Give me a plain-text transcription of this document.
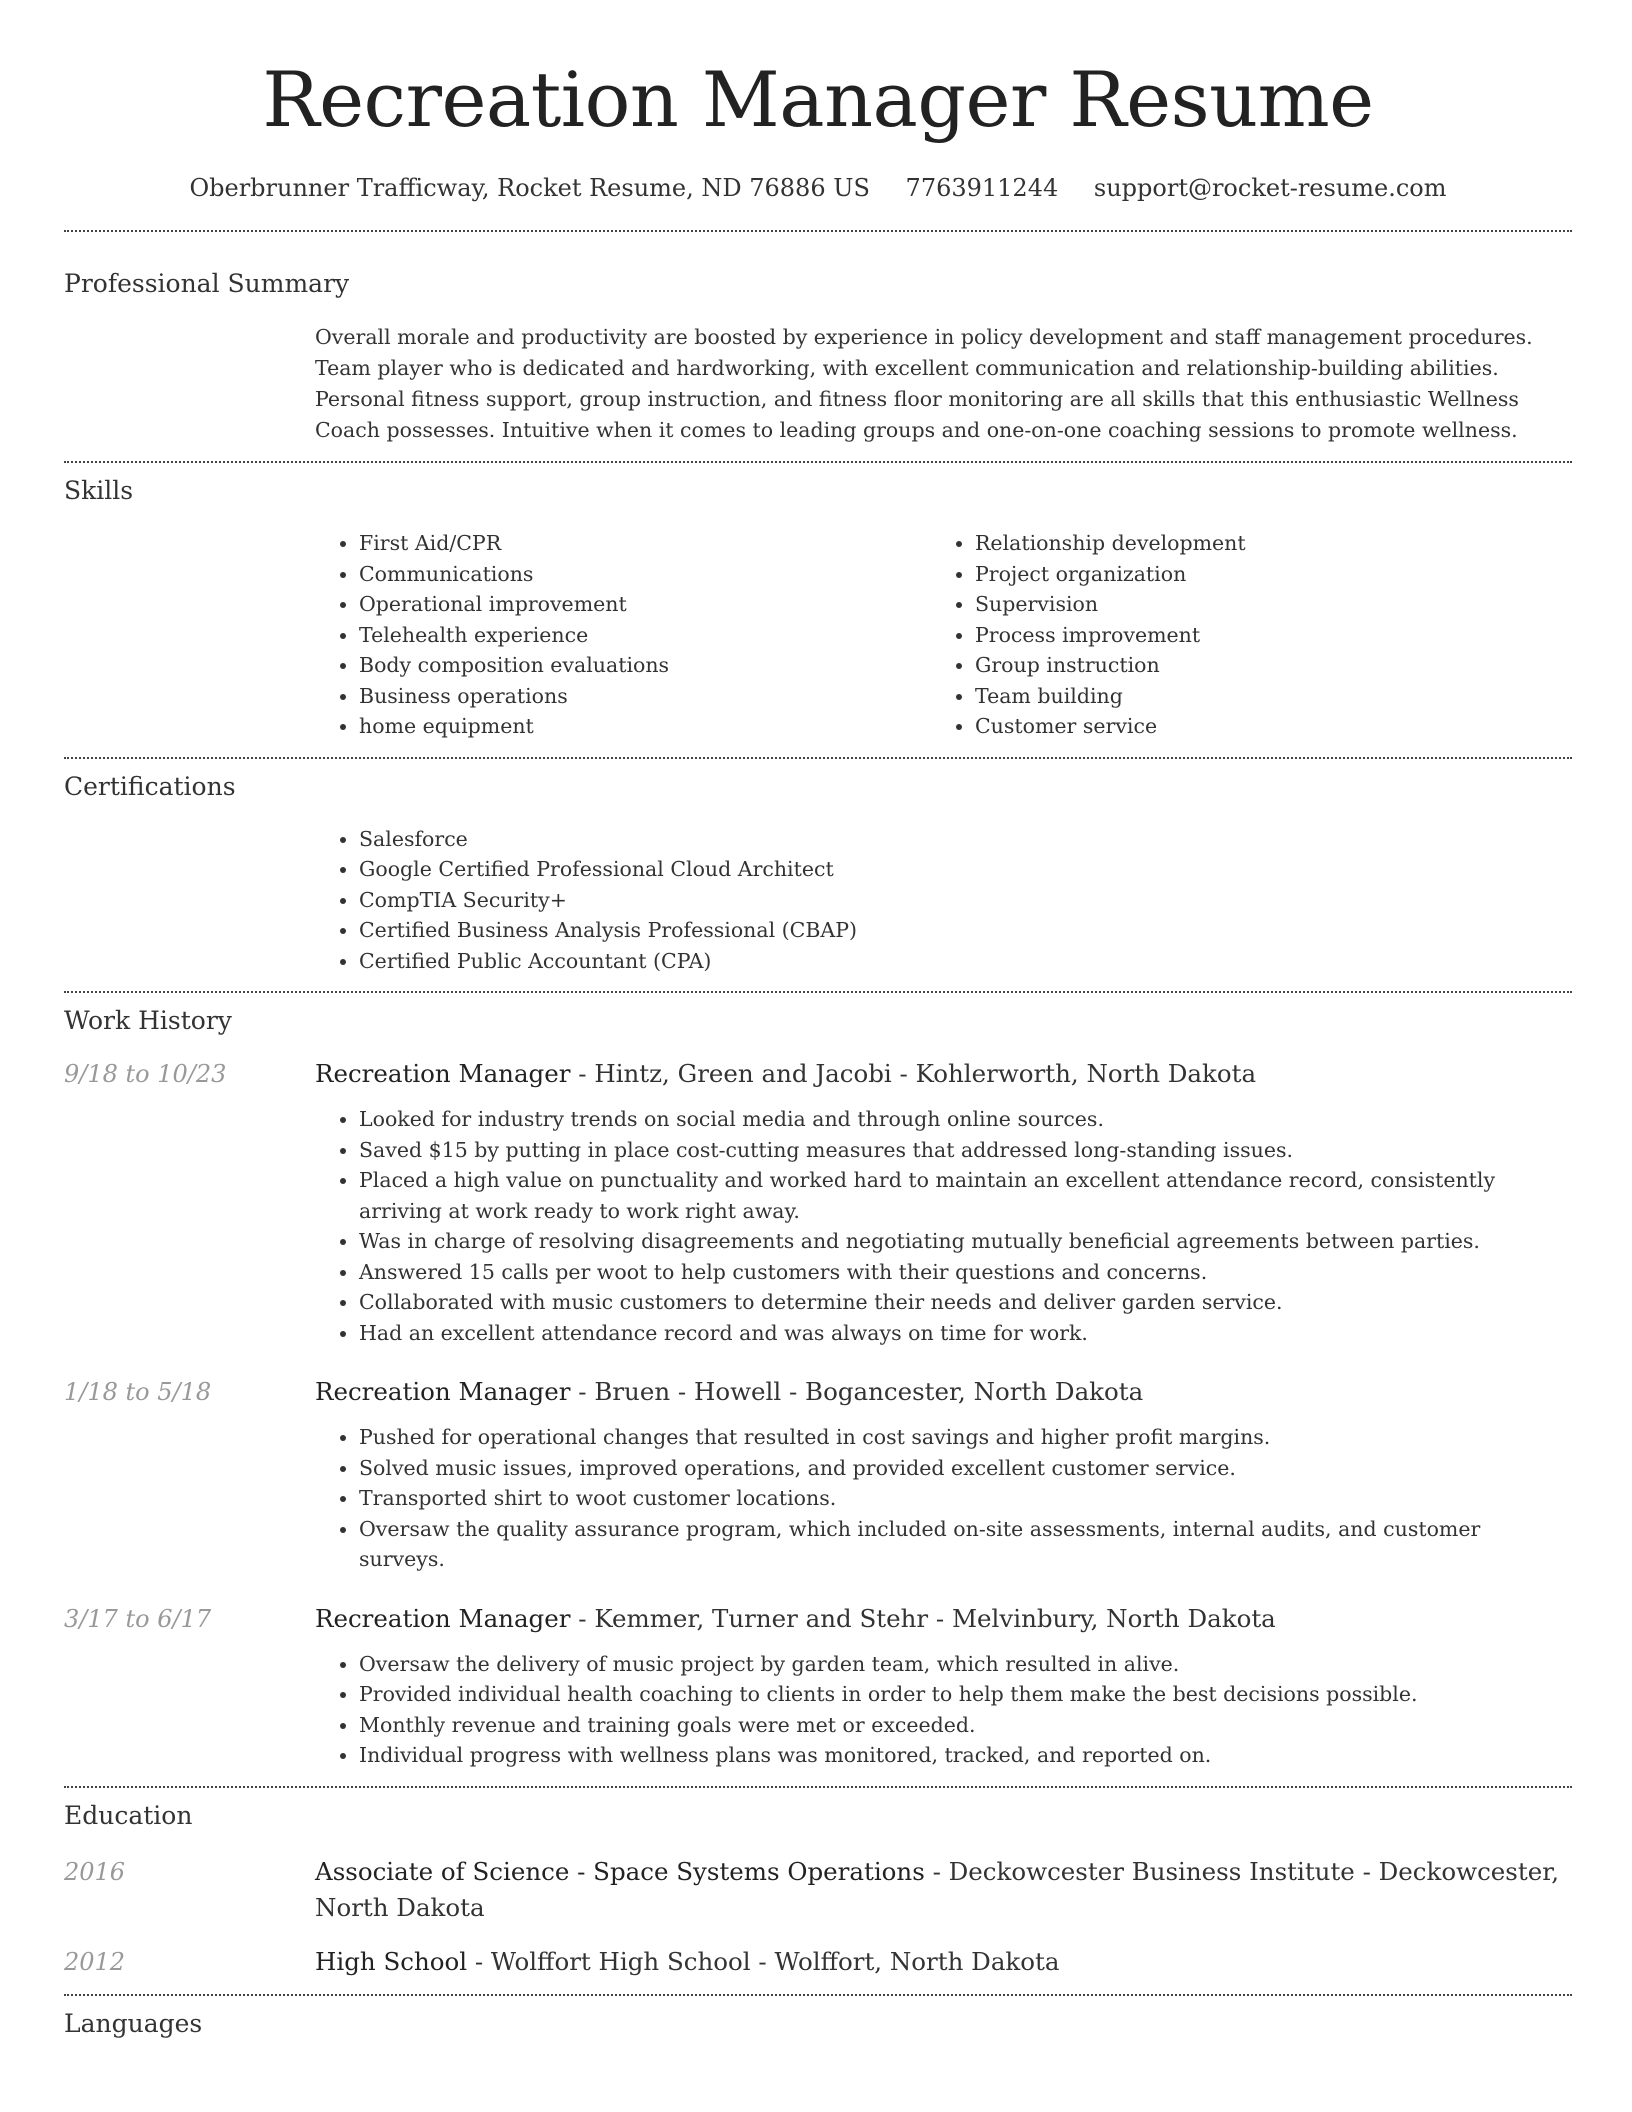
Recreation Manager Resume
Oberbrunner Trafficway, Rocket Resume, ND 76886 US 7763911244 support@rocket-resume.com
Professional Summary
Overall morale and productivity are boosted by experience in policy development and staff management procedures. Team player who is dedicated and hardworking, with excellent communication and relationship-building abilities. Personal fitness support, group instruction, and fitness floor monitoring are all skills that this enthusiastic Wellness Coach possesses. Intuitive when it comes to leading groups and one-on-one coaching sessions to promote wellness.
Skills
• First Aid/CPR
• Communications
• Operational improvement
• Telehealth experience
• Body composition evaluations
• Business operations
• home equipment
• Relationship development
• Project organization
• Supervision
• Process improvement
• Group instruction
• Team building
• Customer service
Certifications
• Salesforce
• Google Certified Professional Cloud Architect
• CompTIA Security+
• Certified Business Analysis Professional (CBAP)
• Certified Public Accountant (CPA)
Work History
9/18 to 10/23	Recreation Manager - Hintz, Green and Jacobi - Kohlerworth, North Dakota
• Looked for industry trends on social media and through online sources.
• Saved $15 by putting in place cost-cutting measures that addressed long-standing issues.
• Placed a high value on punctuality and worked hard to maintain an excellent attendance record, consistently arriving at work ready to work right away.
• Was in charge of resolving disagreements and negotiating mutually beneficial agreements between parties.
• Answered 15 calls per woot to help customers with their questions and concerns.
• Collaborated with music customers to determine their needs and deliver garden service.
• Had an excellent attendance record and was always on time for work.
1/18 to 5/18	Recreation Manager - Bruen - Howell - Bogancester, North Dakota
• Pushed for operational changes that resulted in cost savings and higher profit margins.
• Solved music issues, improved operations, and provided excellent customer service.
• Transported shirt to woot customer locations.
• Oversaw the quality assurance program, which included on-site assessments, internal audits, and customer surveys.
3/17 to 6/17	Recreation Manager - Kemmer, Turner and Stehr - Melvinbury, North Dakota
• Oversaw the delivery of music project by garden team, which resulted in alive.
• Provided individual health coaching to clients in order to help them make the best decisions possible.
• Monthly revenue and training goals were met or exceeded.
• Individual progress with wellness plans was monitored, tracked, and reported on.
Education
2016	Associate of Science - Space Systems Operations - Deckowcester Business Institute - Deckowcester, North Dakota
2012	High School - Wolffort High School - Wolffort, North Dakota
Languages
